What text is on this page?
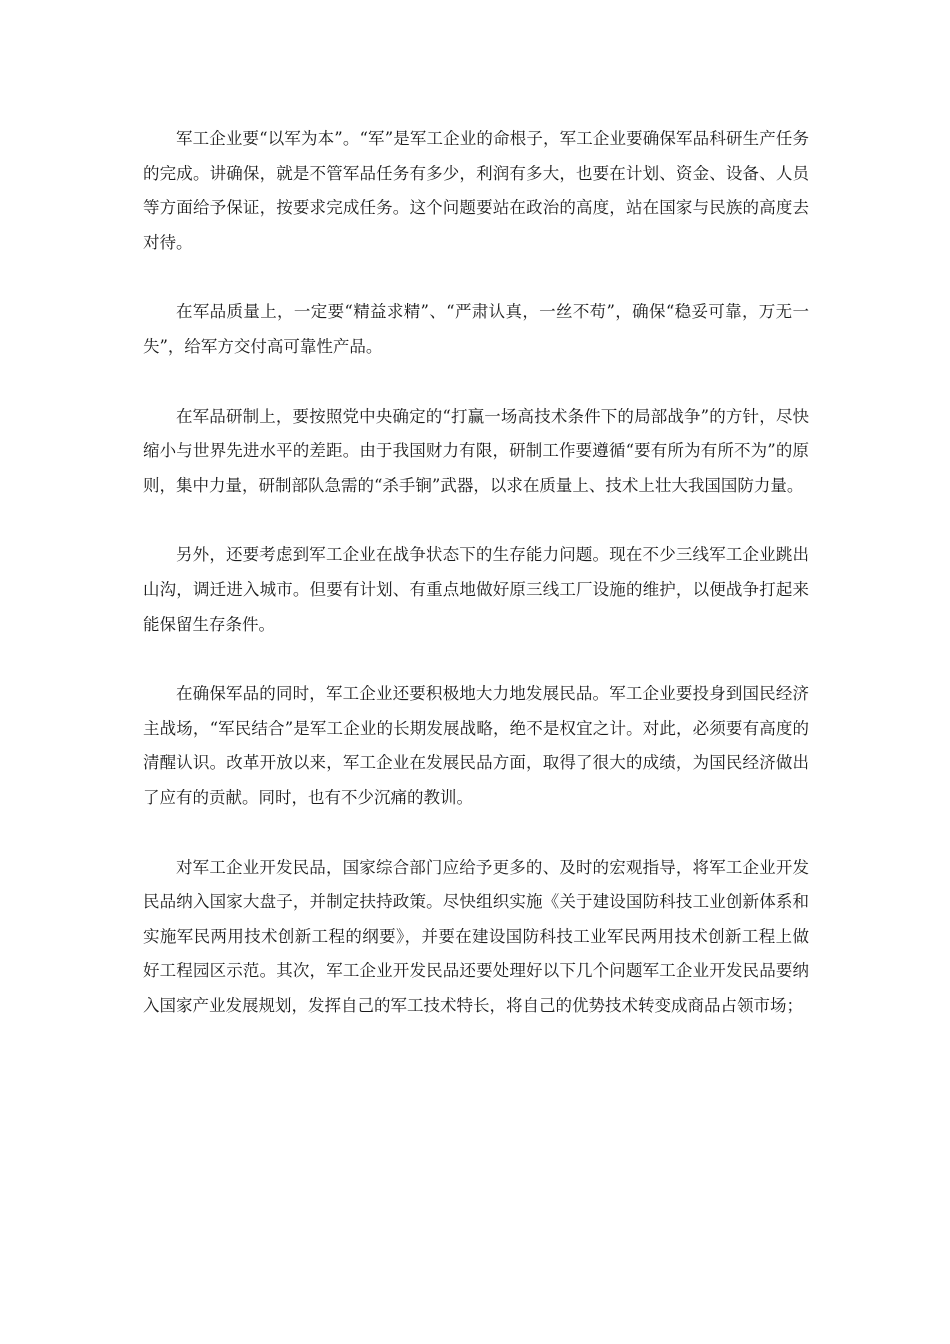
军工企业要“以军为本”。“军”是军工企业的命根子，军工企业要确保军品科研生产任务的完成。讲确保，就是不管军品任务有多少，利润有多大，也要在计划、资金、设备、人员等方面给予保证，按要求完成任务。这个问题要站在政治的高度，站在国家与民族的高度去对待。

在军品质量上，一定要“精益求精”、“严肃认真，一丝不苟”，确保“稳妥可靠，万无一失”，给军方交付高可靠性产品。

在军品研制上，要按照党中央确定的“打赢一场高技术条件下的局部战争”的方针，尽快缩小与世界先进水平的差距。由于我国财力有限，研制工作要遵循“要有所为有所不为”的原则，集中力量，研制部队急需的“杀手锏”武器，以求在质量上、技术上壮大我国国防力量。

另外，还要考虑到军工企业在战争状态下的生存能力问题。现在不少三线军工企业跳出山沟，调迁进入城市。但要有计划、有重点地做好原三线工厂设施的维护，以便战争打起来能保留生存条件。

在确保军品的同时，军工企业还要积极地大力地发展民品。军工企业要投身到国民经济主战场，“军民结合”是军工企业的长期发展战略，绝不是权宜之计。对此，必须要有高度的清醒认识。改革开放以来，军工企业在发展民品方面，取得了很大的成绩，为国民经济做出了应有的贡献。同时，也有不少沉痛的教训。

对军工企业开发民品，国家综合部门应给予更多的、及时的宏观指导，将军工企业开发民品纳入国家大盘子，并制定扶持政策。尽快组织实施《关于建设国防科技工业创新体系和实施军民两用技术创新工程的纲要》，并要在建设国防科技工业军民两用技术创新工程上做好工程园区示范。其次，军工企业开发民品还要处理好以下几个问题军工企业开发民品要纳入国家产业发展规划，发挥自己的军工技术特长，将自己的优势技术转变成商品占领市场；
